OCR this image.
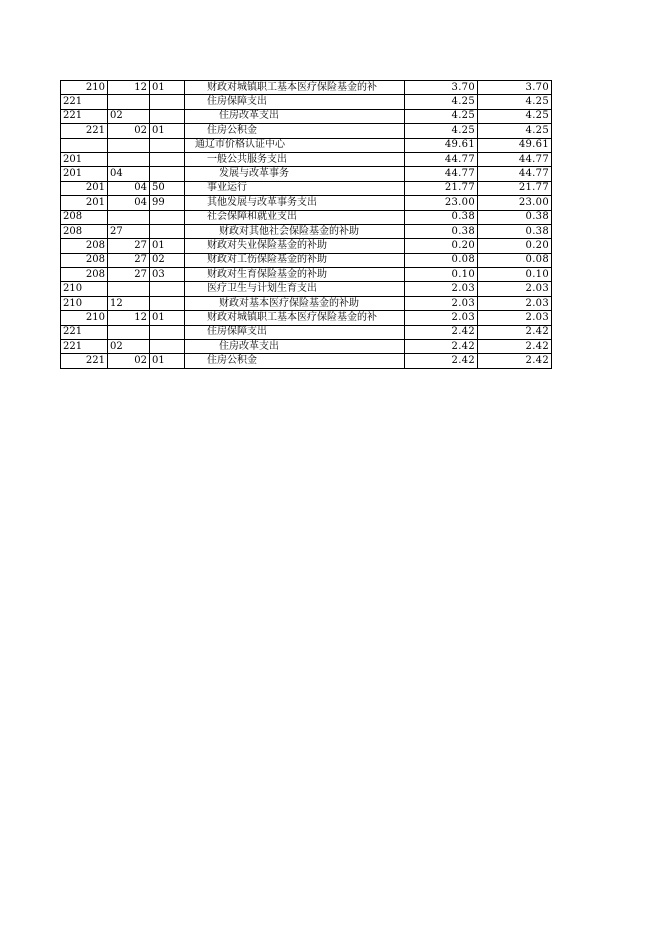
210	12	01	财政对城镇职工基本医疗保险基金的补	3.70	3.70
221			住房保障支出	4.25	4.25
221	02		住房改革支出	4.25	4.25
221	02	01	住房公积金	4.25	4.25
			通辽市价格认证中心	49.61	49.61
201			一般公共服务支出	44.77	44.77
201	04		发展与改革事务	44.77	44.77
201	04	50	事业运行	21.77	21.77
201	04	99	其他发展与改革事务支出	23.00	23.00
208			社会保障和就业支出	0.38	0.38
208	27		财政对其他社会保险基金的补助	0.38	0.38
208	27	01	财政对失业保险基金的补助	0.20	0.20
208	27	02	财政对工伤保险基金的补助	0.08	0.08
208	27	03	财政对生育保险基金的补助	0.10	0.10
210			医疗卫生与计划生育支出	2.03	2.03
210	12		财政对基本医疗保险基金的补助	2.03	2.03
210	12	01	财政对城镇职工基本医疗保险基金的补	2.03	2.03
221			住房保障支出	2.42	2.42
221	02		住房改革支出	2.42	2.42
221	02	01	住房公积金	2.42	2.42
